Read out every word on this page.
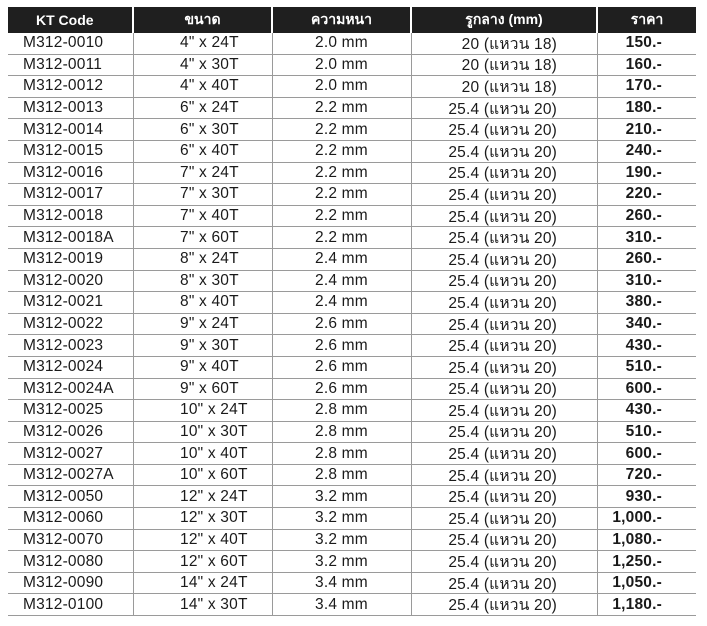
KT Code	ขนาด	ความหนา	รูกลาง (mm)	ราคา
M312-0010	4" x 24T	2.0 mm	20 (แหวน 18)	150.-
M312-0011	4" x 30T	2.0 mm	20 (แหวน 18)	160.-
M312-0012	4" x 40T	2.0 mm	20 (แหวน 18)	170.-
M312-0013	6" x 24T	2.2 mm	25.4 (แหวน 20)	180.-
M312-0014	6" x 30T	2.2 mm	25.4 (แหวน 20)	210.-
M312-0015	6" x 40T	2.2 mm	25.4 (แหวน 20)	240.-
M312-0016	7" x 24T	2.2 mm	25.4 (แหวน 20)	190.-
M312-0017	7" x 30T	2.2 mm	25.4 (แหวน 20)	220.-
M312-0018	7" x 40T	2.2 mm	25.4 (แหวน 20)	260.-
M312-0018A	7" x 60T	2.2 mm	25.4 (แหวน 20)	310.-
M312-0019	8" x 24T	2.4 mm	25.4 (แหวน 20)	260.-
M312-0020	8" x 30T	2.4 mm	25.4 (แหวน 20)	310.-
M312-0021	8" x 40T	2.4 mm	25.4 (แหวน 20)	380.-
M312-0022	9" x 24T	2.6 mm	25.4 (แหวน 20)	340.-
M312-0023	9" x 30T	2.6 mm	25.4 (แหวน 20)	430.-
M312-0024	9" x 40T	2.6 mm	25.4 (แหวน 20)	510.-
M312-0024A	9" x 60T	2.6 mm	25.4 (แหวน 20)	600.-
M312-0025	10" x 24T	2.8 mm	25.4 (แหวน 20)	430.-
M312-0026	10" x 30T	2.8 mm	25.4 (แหวน 20)	510.-
M312-0027	10" x 40T	2.8 mm	25.4 (แหวน 20)	600.-
M312-0027A	10" x 60T	2.8 mm	25.4 (แหวน 20)	720.-
M312-0050	12" x 24T	3.2 mm	25.4 (แหวน 20)	930.-
M312-0060	12" x 30T	3.2 mm	25.4 (แหวน 20)	1,000.-
M312-0070	12" x 40T	3.2 mm	25.4 (แหวน 20)	1,080.-
M312-0080	12" x 60T	3.2 mm	25.4 (แหวน 20)	1,250.-
M312-0090	14" x 24T	3.4 mm	25.4 (แหวน 20)	1,050.-
M312-0100	14" x 30T	3.4 mm	25.4 (แหวน 20)	1,180.-
